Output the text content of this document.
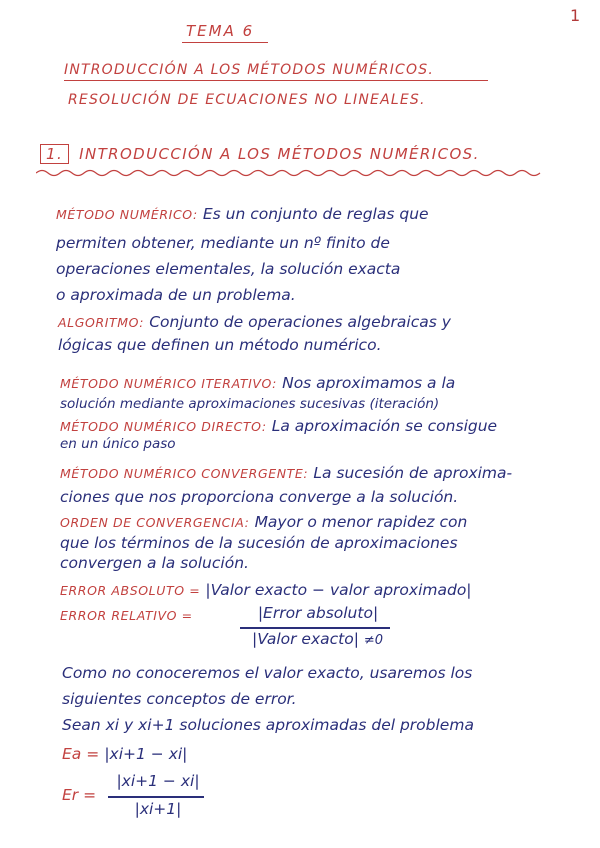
1
TEMA 6
INTRODUCCIÓN A LOS MÉTODOS NUMÉRICOS.
RESOLUCIÓN DE ECUACIONES NO LINEALES.
1. INTRODUCCIÓN A LOS MÉTODOS NUMÉRICOS.
MÉTODO NUMÉRICO: Es un conjunto de reglas que
permiten obtener, mediante un nº finito de
operaciones elementales, la solución exacta
o aproximada de un problema.
ALGORITMO: Conjunto de operaciones algebraicas y
lógicas que definen un método numérico.
MÉTODO NUMÉRICO ITERATIVO: Nos aproximamos a la
solución mediante aproximaciones sucesivas (iteración)
MÉTODO NUMÉRICO DIRECTO: La aproximación se consigue
en un único paso
MÉTODO NUMÉRICO CONVERGENTE: La sucesión de aproxima-
ciones que nos proporciona converge a la solución.
ORDEN DE CONVERGENCIA: Mayor o menor rapidez con
que los términos de la sucesión de aproximaciones
convergen a la solución.
ERROR ABSOLUTO = |Valor exacto − valor aproximado|
ERROR RELATIVO =	|Error absoluto|
|Valor exacto| ≠0
Como no conoceremos el valor exacto, usaremos los
siguientes conceptos de error.
Sean xi y xi+1 soluciones aproximadas del problema
Ea = |xi+1 − xi|
Er =
|xi+1 − xi|
|xi+1|
